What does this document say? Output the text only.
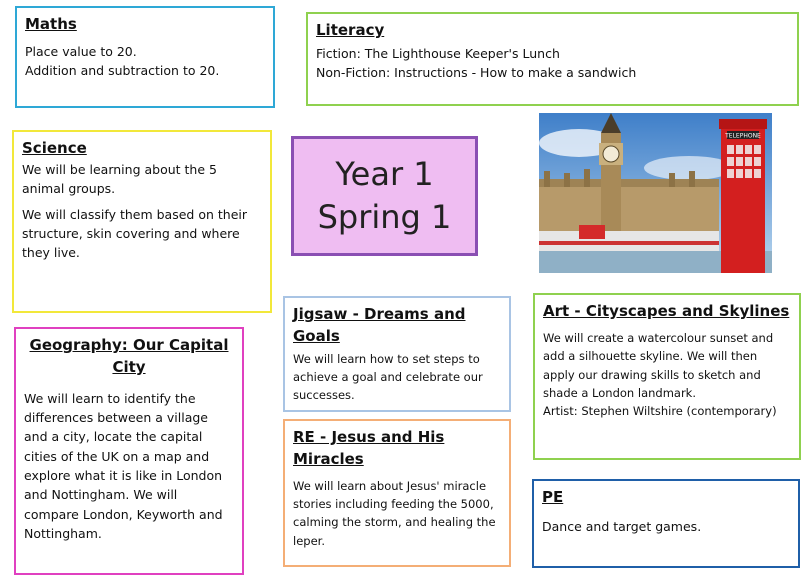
Maths

Place value to 20.
Addition and subtraction to 20.

Literacy
Fiction: The Lighthouse Keeper's Lunch
Non-Fiction: Instructions - How to make a sandwich
Science

We will be learning about the 5 animal groups.

We will classify them based on their structure, skin covering and where they live.

Year 1
Spring 1
TELEPHONE
Geography: Our Capital City

We will learn to identify the differences between a village and a city, locate the capital cities of the UK on a map and explore what it is like in London and Nottingham. We will compare London, Keyworth and Nottingham.

Jigsaw - Dreams and Goals

We will learn how to set steps to achieve a goal and celebrate our successes.

RE - Jesus and His Miracles

We will learn about Jesus' miracle stories including feeding the 5000, calming the storm, and healing the leper.

Art - Cityscapes and Skylines

We will create a watercolour sunset and add a silhouette skyline. We will then apply our drawing skills to sketch and shade a London landmark.

Artist: Stephen Wiltshire (contemporary)

PE

Dance and target games.
